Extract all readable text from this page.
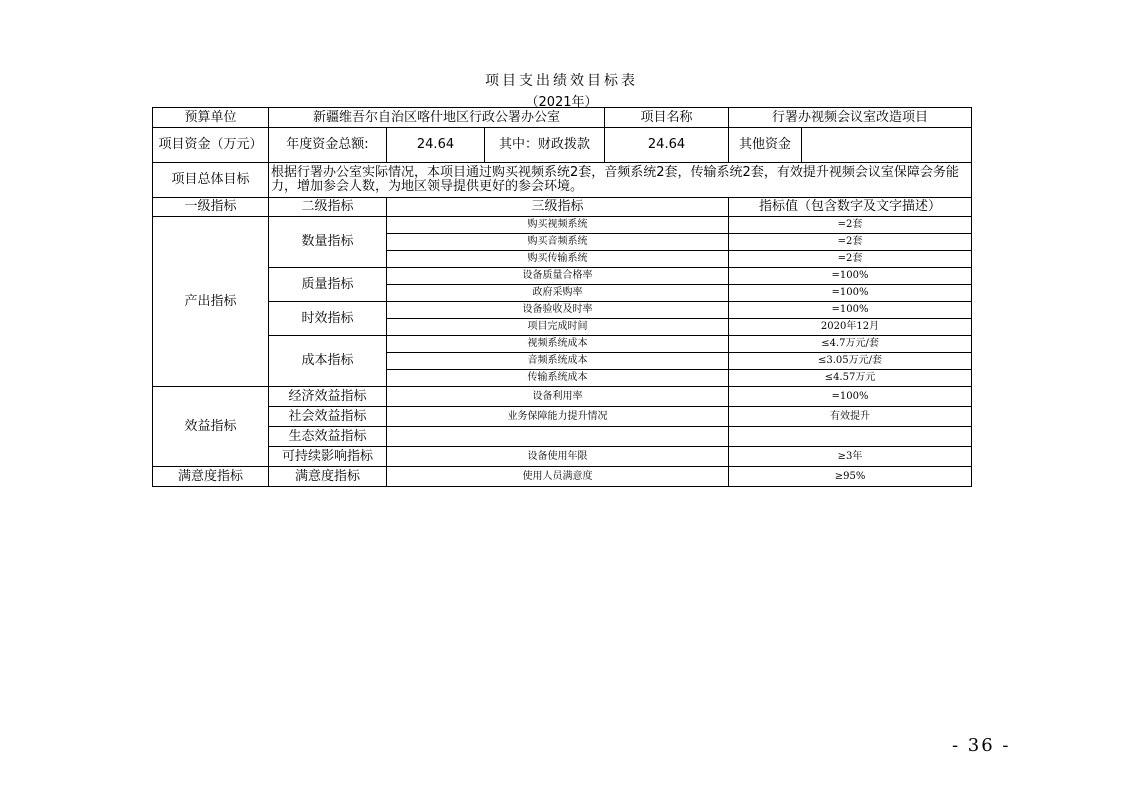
项目支出绩效目标表
（2021年）
预算单位	新疆维吾尔自治区喀什地区行政公署办公室			项目名称	行署办视频会议室改造项目	
项目资金（万元）	年度资金总额:	24.64	其中：财政拨款	24.64	其他资金	
项目总体目标	根据行署办公室实际情况，本项目通过购买视频系统2套，音频系统2套，传输系统2套，有效提升视频会议室保障会务能力，增加参会人数，为地区领导提供更好的参会环境。					
一级指标	二级指标	三级指标			指标值（包含数字及文字描述）	
产出指标	数量指标	购买视频系统			=2套	
		购买音频系统			=2套	
		购买传输系统			=2套	
	质量指标	设备质量合格率			=100%	
		政府采购率			=100%	
	时效指标	设备验收及时率			=100%	
		项目完成时间			2020年12月	
	成本指标	视频系统成本			≤4.7万元/套	
		音频系统成本			≤3.05万元/套	
		传输系统成本			≤4.57万元	
效益指标	经济效益指标	设备利用率			=100%	
	社会效益指标	业务保障能力提升情况			有效提升	
	生态效益指标					
	可持续影响指标	设备使用年限			≥3年	
满意度指标	满意度指标	使用人员满意度			≥95%	
- 36 -
